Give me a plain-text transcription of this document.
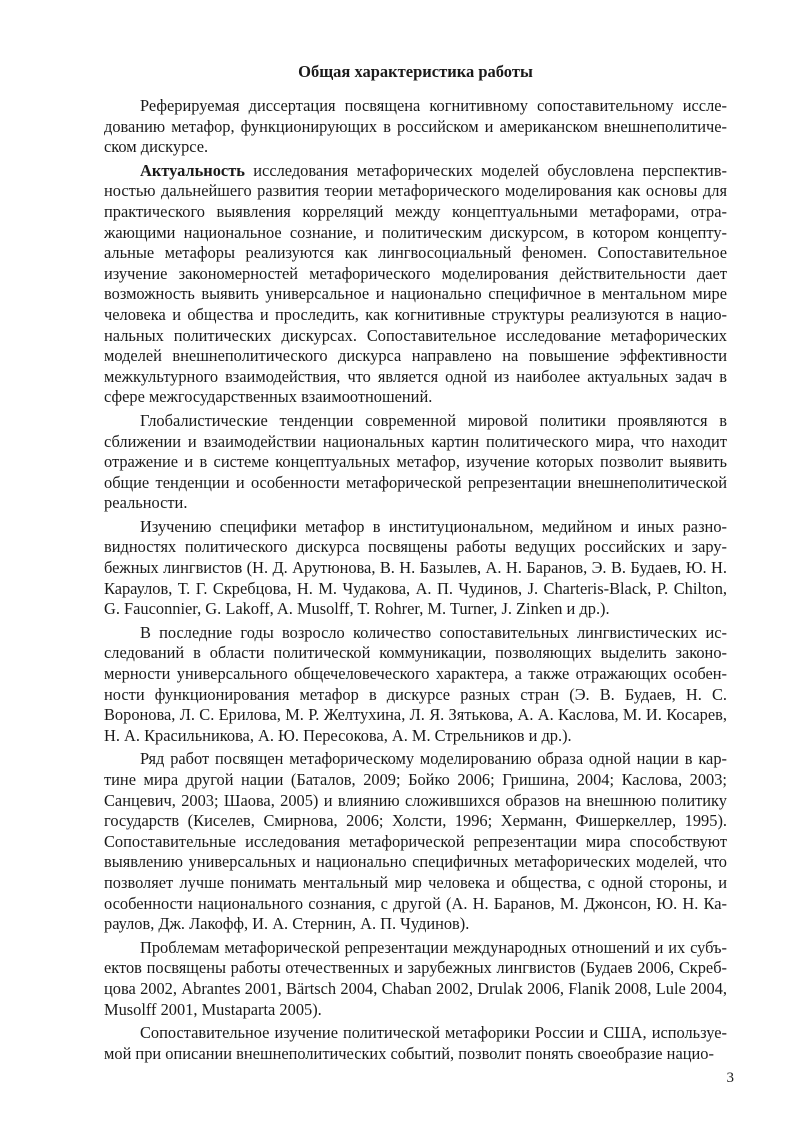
Общая характеристика работы

Реферируемая диссертация посвящена когнитивному сопоставительному исследованию метафор, функционирующих в российском и американском внешнеполитическом дискурсе.

Актуальность исследования метафорических моделей обусловлена перспективностью дальнейшего развития теории метафорического моделирования как основы для практического выявления корреляций между концептуальными метафорами, отражающими национальное сознание, и политическим дискурсом, в котором концептуальные метафоры реализуются как лингвосоциальный феномен. Сопоставительное изучение закономерностей метафорического моделирования действительности дает возможность выявить универсальное и национально специфичное в ментальном мире человека и общества и проследить, как когнитивные структуры реализуются в национальных политических дискурсах. Сопоставительное исследование метафорических моделей внешнеполитического дискурса направлено на повышение эффективности межкультурного взаимодействия, что является одной из наиболее актуальных задач в сфере межгосударственных взаимоотношений.

Глобалистические тенденции современной мировой политики проявляются в сближении и взаимодействии национальных картин политического мира, что находит отражение и в системе концептуальных метафор, изучение которых позволит выявить общие тенденции и особенности метафорической репрезентации внешнеполитической реальности.

Изучению специфики метафор в институциональном, медийном и иных разновидностях политического дискурса посвящены работы ведущих российских и зарубежных лингвистов (Н. Д. Арутюнова, В. Н. Базылев, А. Н. Баранов, Э. В. Будаев, Ю. Н. Караулов, Т. Г. Скребцова, Н. М. Чудакова, А. П. Чудинов, J. Charteris-Black, P. Chilton, G. Fauconnier, G. Lakoff, A. Musolff, T. Rohrer, M. Turner, J. Zinken и др.).

В последние годы возросло количество сопоставительных лингвистических исследований в области политической коммуникации, позволяющих выделить закономерности универсального общечеловеческого характера, а также отражающих особенности функционирования метафор в дискурсе разных стран (Э. В. Будаев, Н. С. Воронова, Л. С. Ерилова, М. Р. Желтухина, Л. Я. Зятькова, А. А. Каслова, М. И. Косарев, Н. А. Красильникова, А. Ю. Пересокова, А. М. Стрельников и др.).

Ряд работ посвящен метафорическому моделированию образа одной нации в картине мира другой нации (Баталов, 2009; Бойко 2006; Гришина, 2004; Каслова, 2003; Санцевич, 2003; Шаова, 2005) и влиянию сложившихся образов на внешнюю политику государств (Киселев, Смирнова, 2006; Холсти, 1996; Херманн, Фишеркеллер, 1995). Сопоставительные исследования метафорической репрезентации мира способствуют выявлению универсальных и национально специфичных метафорических моделей, что позволяет лучше понимать ментальный мир человека и общества, с одной стороны, и особенности национального сознания, с другой (А. Н. Баранов, М. Джонсон, Ю. Н. Караулов, Дж. Лакофф, И. А. Стернин, А. П. Чудинов).

Проблемам метафорической репрезентации международных отношений и их субъектов посвящены работы отечественных и зарубежных лингвистов (Будаев 2006, Скребцова 2002, Abrantes 2001, Bärtsch 2004, Chaban 2002, Drulak 2006, Flanik 2008, Lule 2004, Musolff 2001, Mustaparta 2005).

Сопоставительное изучение политической метафорики России и США, используемой при описании внешнеполитических событий, позволит понять своеобразие нацио-

3
